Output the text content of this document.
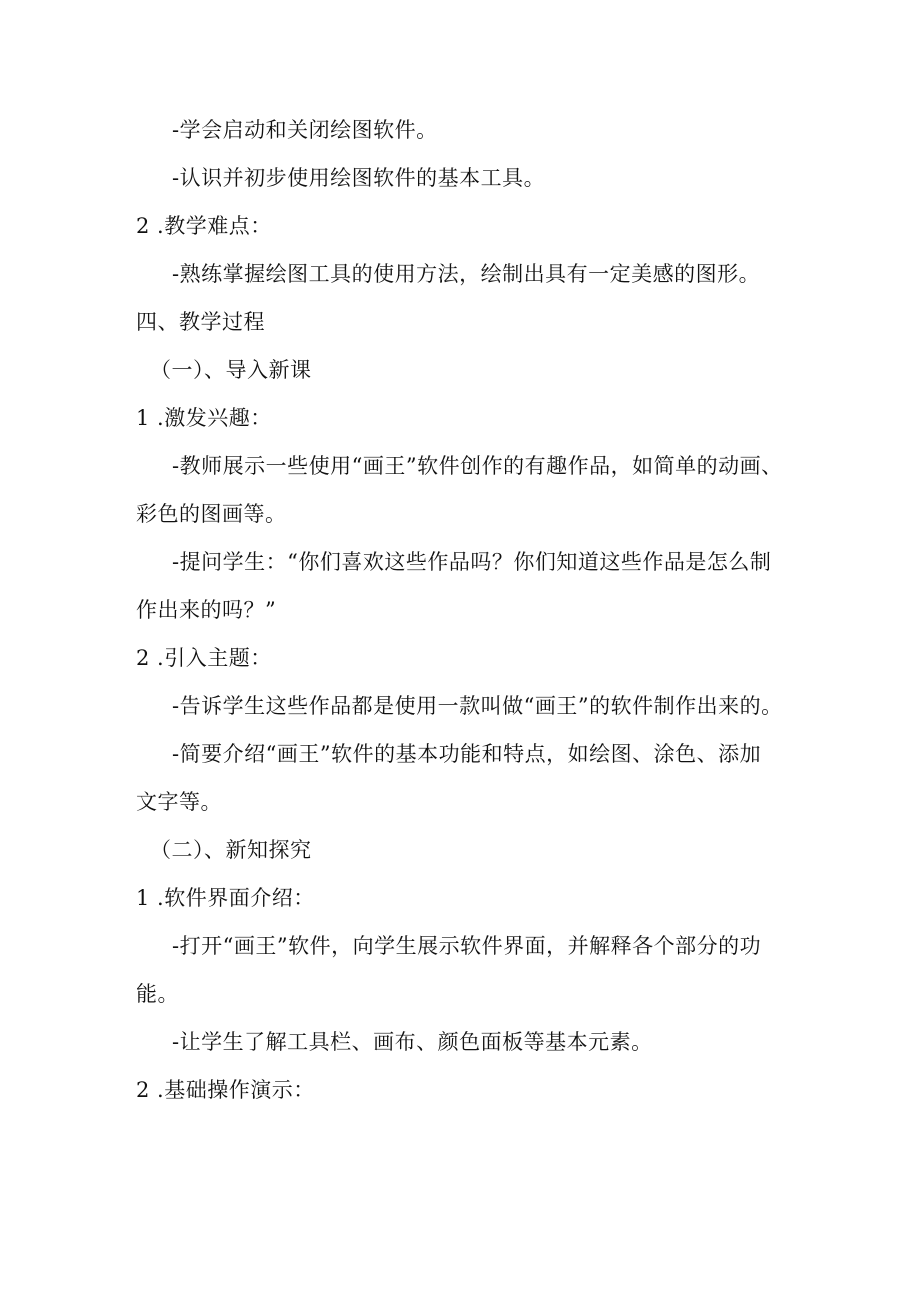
-学会启动和关闭绘图软件。
-认识并初步使用绘图软件的基本工具。
2 .教学难点：
-熟练掌握绘图工具的使用方法，绘制出具有一定美感的图形。
四、教学过程
（一）、导入新课
1 .激发兴趣：
-教师展示一些使用“画王”软件创作的有趣作品，如简单的动画、
彩色的图画等。
-提问学生：“你们喜欢这些作品吗？你们知道这些作品是怎么制
作出来的吗？”
2 .引入主题：
-告诉学生这些作品都是使用一款叫做“画王”的软件制作出来的。
-简要介绍“画王”软件的基本功能和特点，如绘图、涂色、添加
文字等。
（二）、新知探究
1 .软件界面介绍：
-打开“画王”软件，向学生展示软件界面，并解释各个部分的功
能。
-让学生了解工具栏、画布、颜色面板等基本元素。
2 .基础操作演示：
